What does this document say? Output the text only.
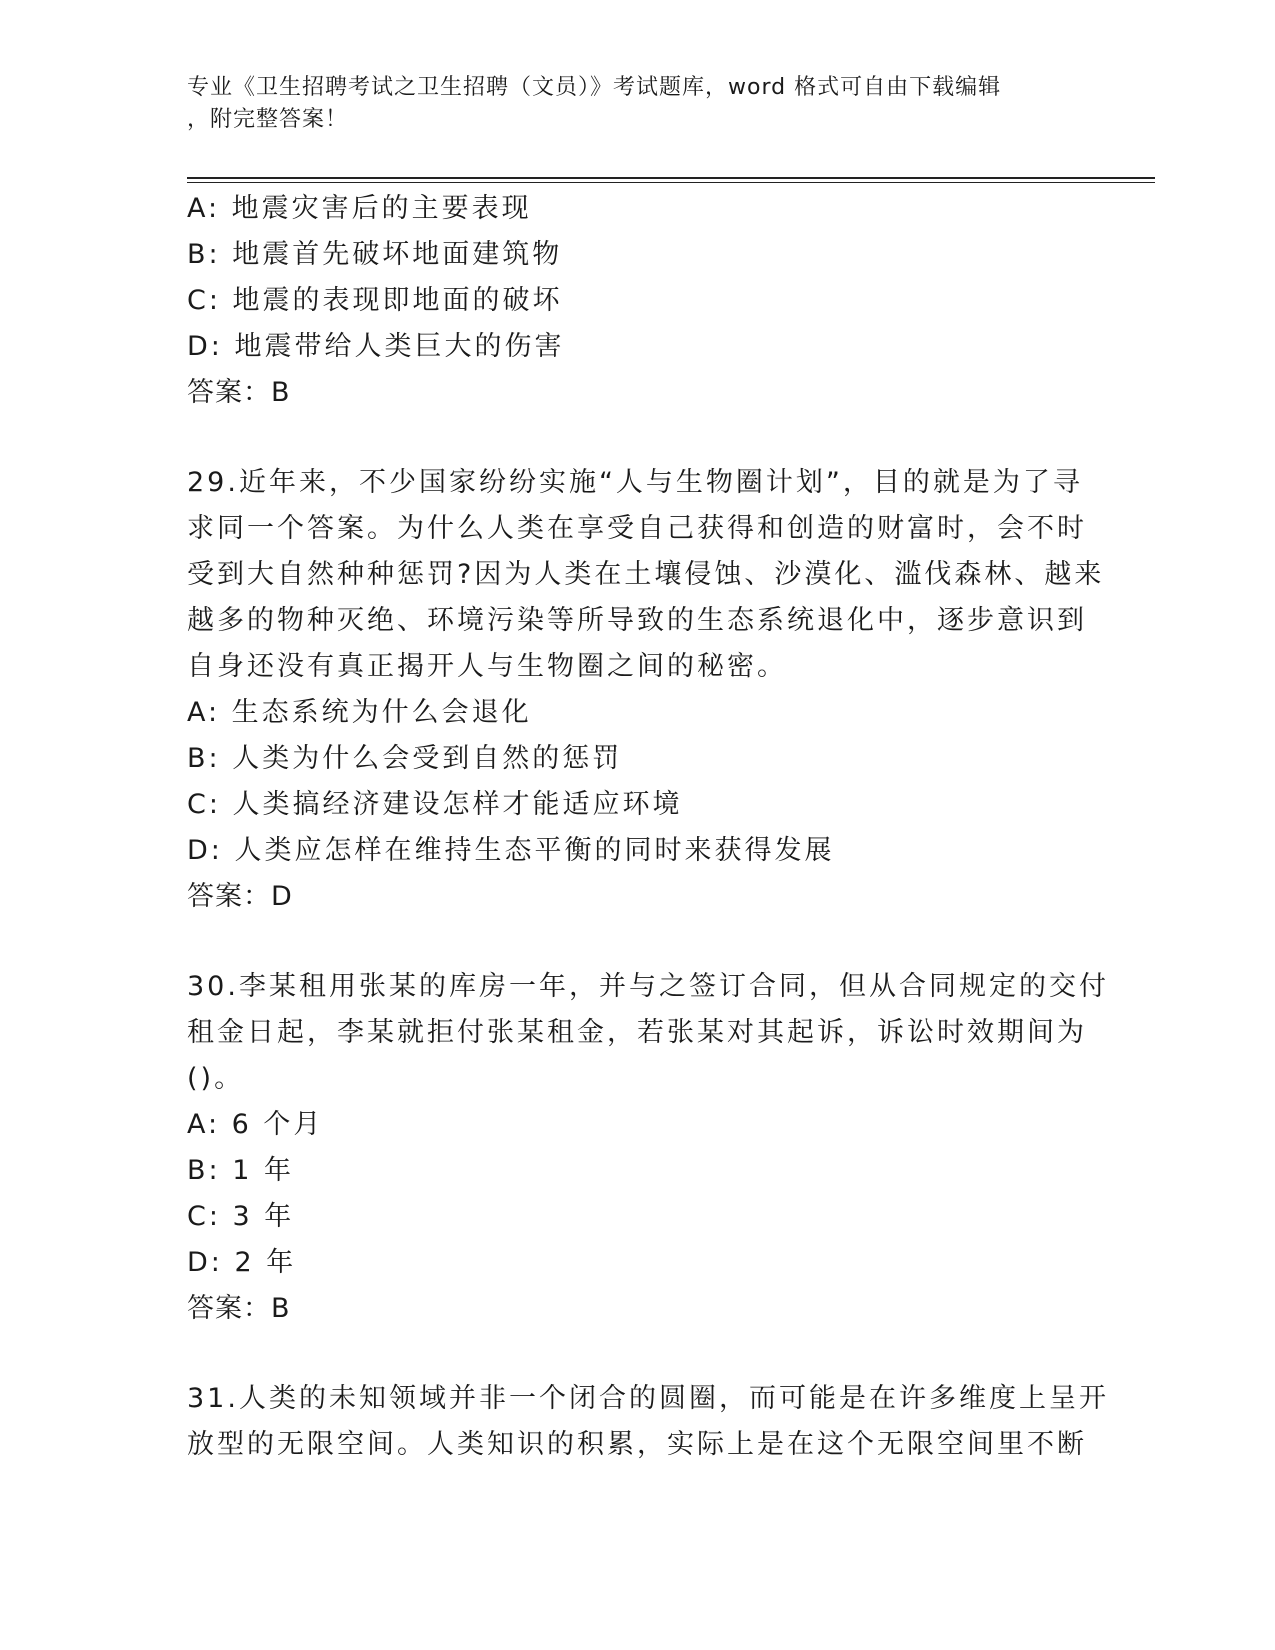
专业《卫生招聘考试之卫生招聘（文员）》考试题库，word 格式可自由下载编辑
，附完整答案！
A: 地震灾害后的主要表现
B: 地震首先破坏地面建筑物
C: 地震的表现即地面的破坏
D: 地震带给人类巨大的伤害
答案：B
29.近年来，不少国家纷纷实施“人与生物圈计划”，目的就是为了寻
求同一个答案。为什么人类在享受自己获得和创造的财富时，会不时
受到大自然种种惩罚?因为人类在土壤侵蚀、沙漠化、滥伐森林、越来
越多的物种灭绝、环境污染等所导致的生态系统退化中，逐步意识到
自身还没有真正揭开人与生物圈之间的秘密。
A: 生态系统为什么会退化
B: 人类为什么会受到自然的惩罚
C: 人类搞经济建设怎样才能适应环境
D: 人类应怎样在维持生态平衡的同时来获得发展
答案：D
30.李某租用张某的库房一年，并与之签订合同，但从合同规定的交付
租金日起，李某就拒付张某租金，若张某对其起诉，诉讼时效期间为
()。
A: 6 个月
B: 1 年
C: 3 年
D: 2 年
答案：B
31.人类的未知领域并非一个闭合的圆圈，而可能是在许多维度上呈开
放型的无限空间。人类知识的积累，实际上是在这个无限空间里不断
